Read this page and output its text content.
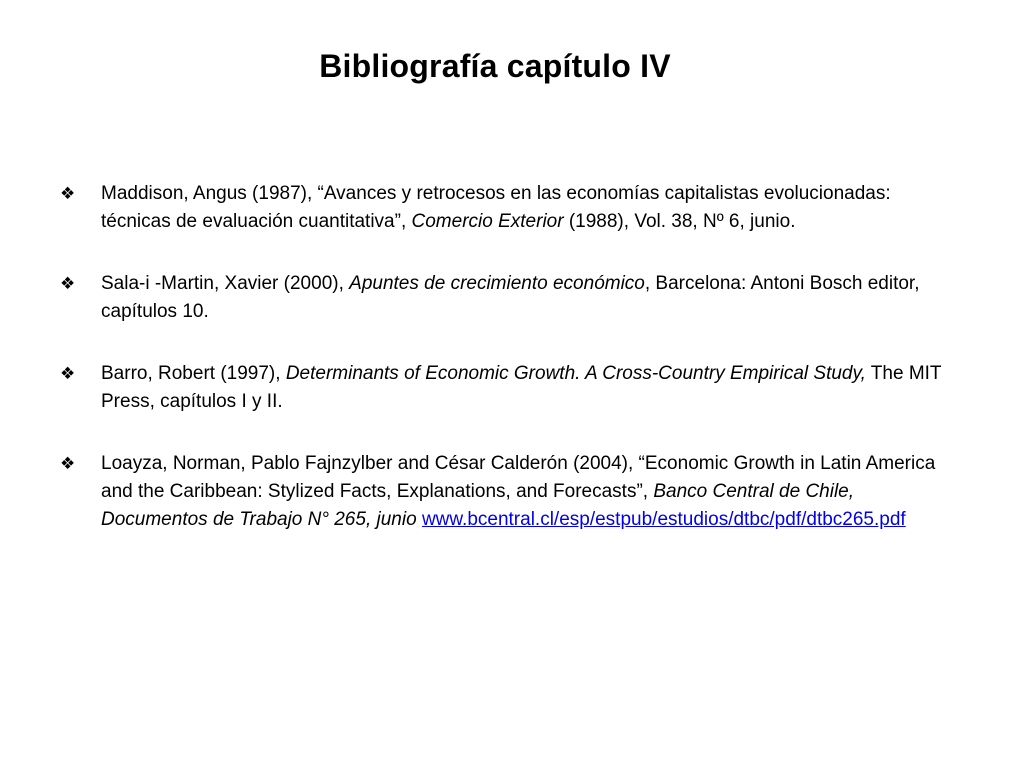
Bibliografía capítulo IV
❖	Maddison, Angus (1987), “Avances y retrocesos en las economías capitalistas evolucionadas: técnicas de evaluación cuantitativa”, Comercio Exterior (1988), Vol. 38, Nº 6, junio.
❖	Sala-i -Martin, Xavier (2000), Apuntes de crecimiento económico, Barcelona: Antoni Bosch editor, capítulos 10.
❖	Barro, Robert (1997), Determinants of Economic Growth. A Cross-Country Empirical Study, The MIT Press, capítulos I y II.
❖	Loayza, Norman, Pablo Fajnzylber and César Calderón (2004), “Economic Growth in Latin America and the Caribbean: Stylized Facts, Explanations, and Forecasts”, Banco Central de Chile, Documentos de Trabajo N° 265, junio www.bcentral.cl/esp/estpub/estudios/dtbc/pdf/dtbc265.pdf
